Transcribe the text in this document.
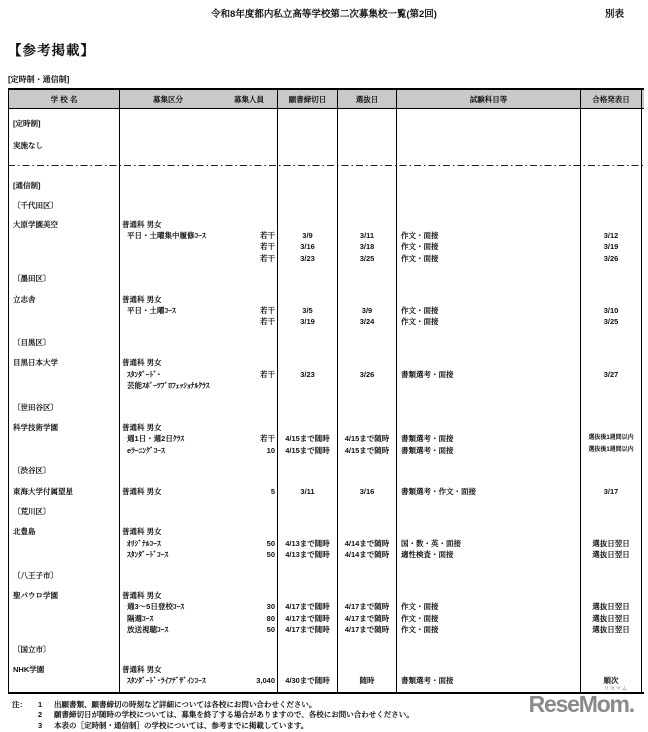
令和8年度都内私立高等学校第二次募集校一覧(第2回)	別表
【参考掲載】
[定時制・通信制]
学 校 名	募集区分	募集人員	願書締切日	選抜日	試験科目等	合格発表日
[定時制]
実施なし
[通信制]
〔千代田区〕
大原学園美空	普通科 男女
平日・土曜集中履修ｺｰｽ	若干	3/9	3/11	作文・面接	3/12
若干	3/16	3/18	作文・面接	3/19
若干	3/23	3/25	作文・面接	3/26
〔墨田区〕
立志舎	普通科 男女
平日・土曜ｺｰｽ	若干	3/5	3/9	作文・面接	3/10
若干	3/19	3/24	作文・面接	3/25
〔目黒区〕
目黒日本大学	普通科 男女
ｽﾀﾝﾀﾞｰﾄﾞ･	若干	3/23	3/26	書類選考・面接	3/27
芸能ｽﾎﾟｰﾂﾌﾟﾛﾌｪｯｼｮﾅﾙｸﾗｽ
〔世田谷区〕
科学技術学園	普通科 男女
週1日・週2日ｸﾗｽ	若干	4/15まで随時	4/15まで随時	書類選考・面接	選抜後1週間以内
eﾗｰﾆﾝｸﾞｺｰｽ	10	4/15まで随時	4/15まで随時	書類選考・面接	選抜後1週間以内
〔渋谷区〕
東海大学付属望星	普通科 男女	5	3/11	3/16	書類選考・作文・面接	3/17
〔荒川区〕
北豊島	普通科 男女
ｵﾘｼﾞﾅﾙｺｰｽ	50	4/13まで随時	4/14まで随時	国・数・英・面接	選抜日翌日
ｽﾀﾝﾀﾞｰﾄﾞｺｰｽ	50	4/13まで随時	4/14まで随時	適性検査・面接	選抜日翌日
〔八王子市〕
聖パウロ学園	普通科 男女
週3～5日登校ｺｰｽ	30	4/17まで随時	4/17まで随時	作文・面接	選抜日翌日
隔週ｺｰｽ	80	4/17まで随時	4/17まで随時	作文・面接	選抜日翌日
放送視聴ｺｰｽ	50	4/17まで随時	4/17まで随時	作文・面接	選抜日翌日
〔国立市〕
NHK学園	普通科 男女
ｽﾀﾝﾀﾞｰﾄﾞ･ﾗｲﾌﾃﾞｻﾞｲﾝｺｰｽ	3,040	4/30まで随時	随時	書類選考・面接	順次
注： 1	出願書類、願書締切の時刻など詳細については各校にお問い合わせください。
2	願書締切日が随時の学校については、募集を終了する場合がありますので、各校にお問い合わせください。
3	本表の［定時制・通信制］の学校については、参考までに掲載しています。
リセマム
ReseMom.
